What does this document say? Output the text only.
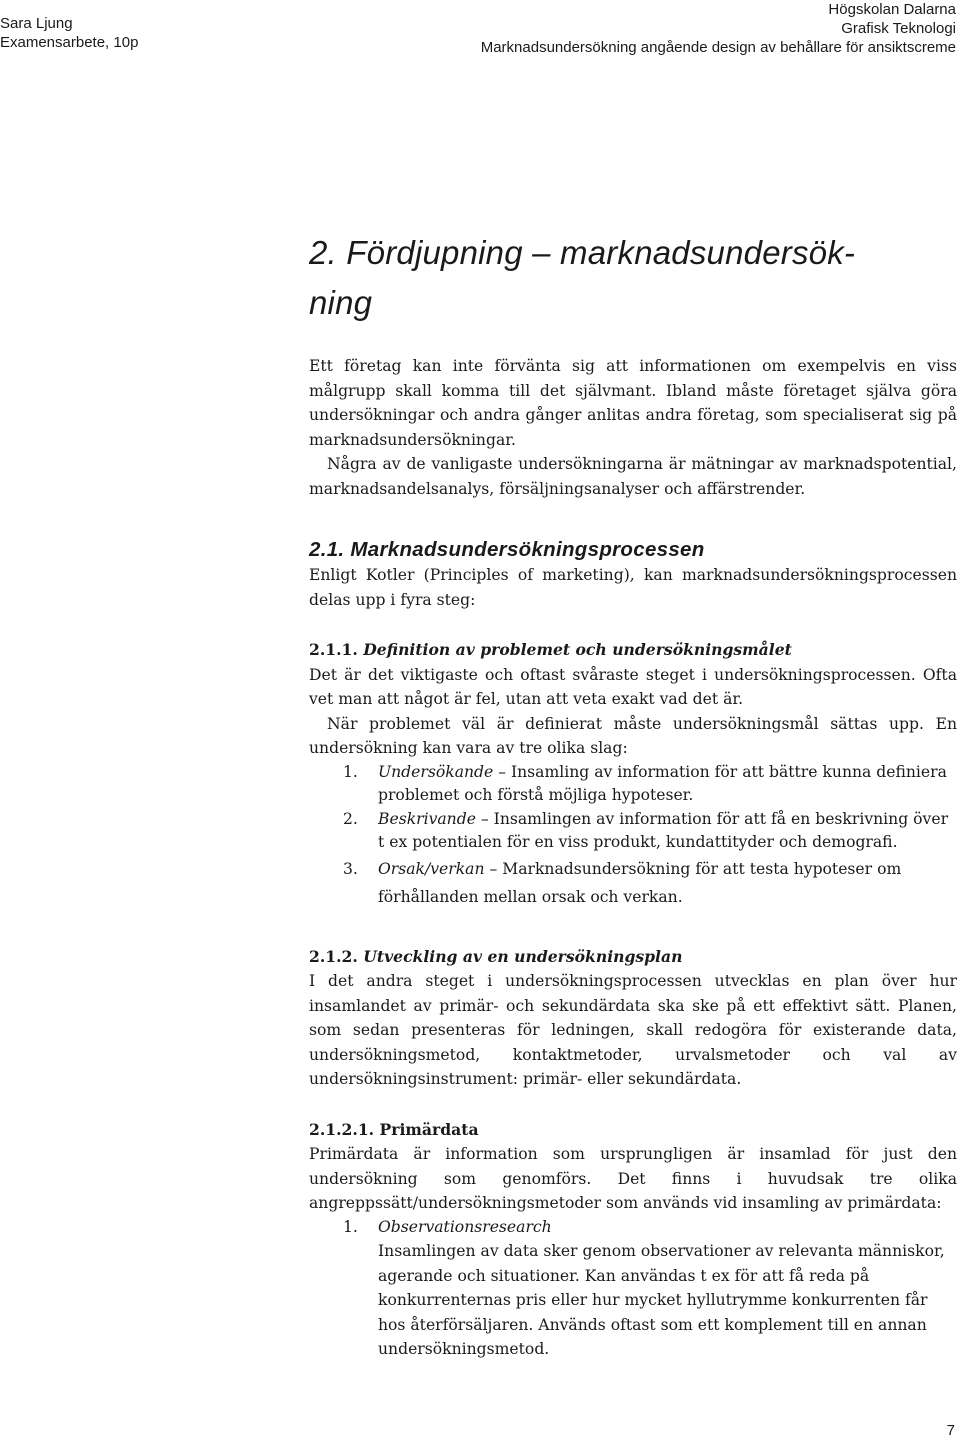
Sara Ljung
Examensarbete, 10p
Högskolan Dalarna
Grafisk Teknologi
Marknadsundersökning angående design av behållare för ansiktscreme
2. Fördjupning – marknadsundersök-
ning

Ett företag kan inte förvänta sig att informationen om exempelvis en viss målgrupp skall komma till det självmant. Ibland måste företaget själva göra undersökningar och andra gånger anlitas andra företag, som specialiserat sig på marknadsundersökningar.

Några av de vanligaste undersökningarna är mätningar av marknadspotential, marknadsandelsanalys, försäljningsanalyser och affärstrender.

2.1. Marknadsundersökningsprocessen

Enligt Kotler (Principles of marketing), kan marknadsundersökningsprocessen delas upp i fyra steg:

2.1.1. Definition av problemet och undersökningsmålet

Det är det viktigaste och oftast svåraste steget i undersökningsprocessen. Ofta vet man att något är fel, utan att veta exakt vad det är.

När problemet väl är definierat måste undersökningsmål sättas upp. En undersökning kan vara av tre olika slag:

1. Undersökande – Insamling av information för att bättre kunna definiera problemet och förstå möjliga hypoteser.
2. Beskrivande – Insamlingen av information för att få en beskrivning över t ex potentialen för en viss produkt, kundattityder och demografi.
3. Orsak/verkan – Marknadsundersökning för att testa hypoteser om förhållanden mellan orsak och verkan.

2.1.2. Utveckling av en undersökningsplan

I det andra steget i undersökningsprocessen utvecklas en plan över hur insamlandet av primär- och sekundärdata ska ske på ett effektivt sätt. Planen, som sedan presenteras för ledningen, skall redogöra för existerande data, undersökningsmetod, kontaktmetoder, urvalsmetoder och val av undersökningsinstrument: primär- eller sekundärdata.

2.1.2.1. Primärdata

Primärdata är information som ursprungligen är insamlad för just den undersökning som genomförs. Det finns i huvudsak tre olika angreppssätt/undersökningsmetoder som används vid insamling av primärdata:

1. Observationsresearch

Insamlingen av data sker genom observationer av relevanta människor, agerande och situationer. Kan användas t ex för att få reda på konkurrenternas pris eller hur mycket hyllutrymme konkurrenten får hos återförsäljaren. Används oftast som ett komplement till en annan undersökningsmetod.

7
